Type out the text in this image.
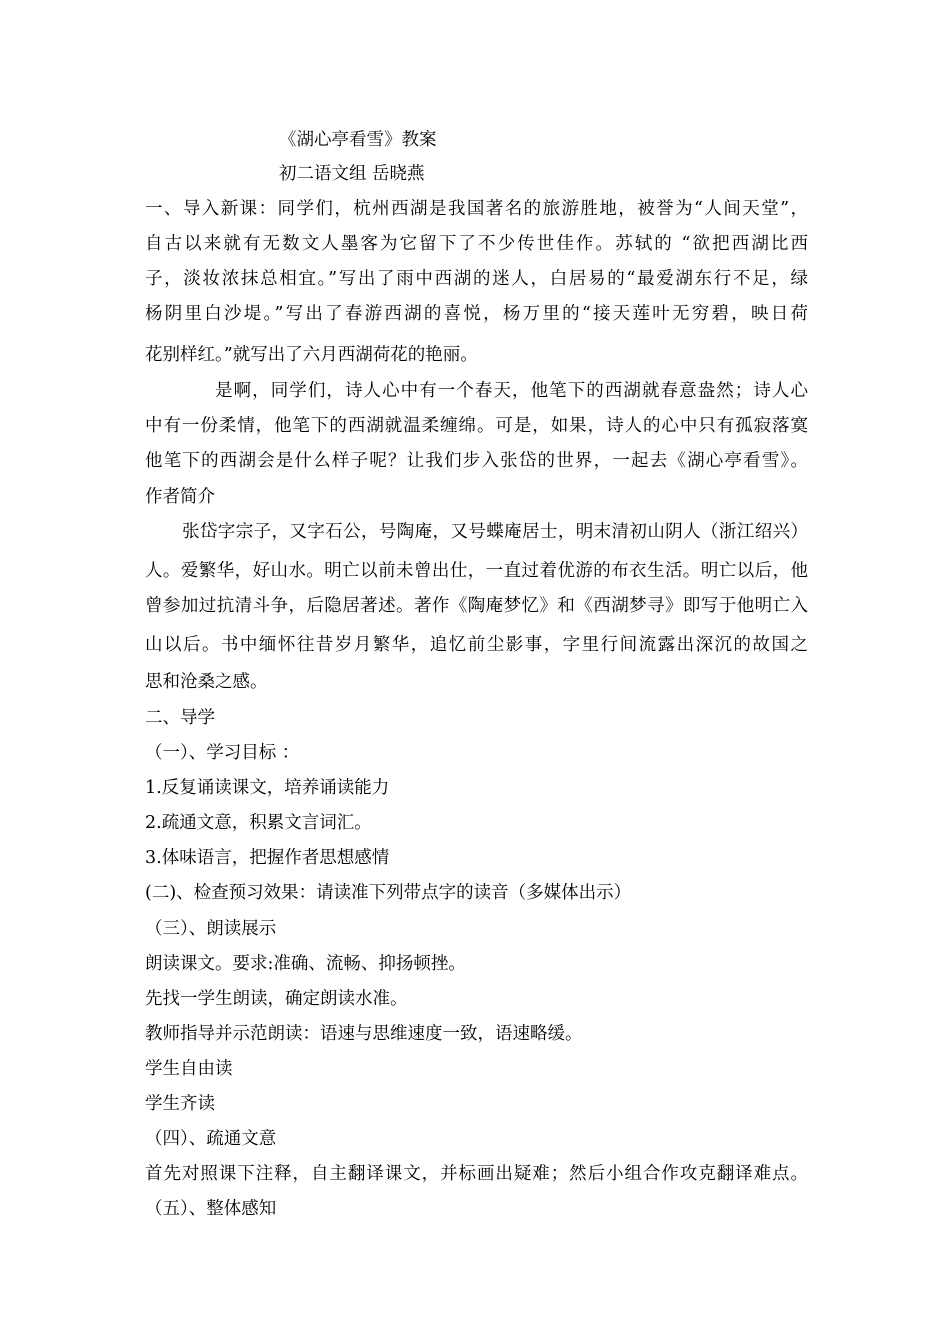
《湖心亭看雪》教案
初二语文组 岳晓燕
一、导入新课：同学们，杭州西湖是我国著名的旅游胜地，被誉为“人间天堂”，
自古以来就有无数文人墨客为它留下了不少传世佳作。苏轼的 “欲把西湖比西
子，淡妆浓抹总相宜。”写出了雨中西湖的迷人，白居易的“最爱湖东行不足，绿
杨阴里白沙堤。”写出了春游西湖的喜悦，杨万里的“接天莲叶无穷碧，映日荷
花别样红。”就写出了六月西湖荷花的艳丽。
是啊，同学们，诗人心中有一个春天，他笔下的西湖就春意盎然；诗人心
中有一份柔情，他笔下的西湖就温柔缠绵。可是，如果，诗人的心中只有孤寂落寞
他笔下的西湖会是什么样子呢？让我们步入张岱的世界，一起去《湖心亭看雪》。
作者简介
张岱字宗子，又字石公，号陶庵，又号蝶庵居士，明末清初山阴人（浙江绍兴）
人。爱繁华，好山水。明亡以前未曾出仕，一直过着优游的布衣生活。明亡以后，他
曾参加过抗清斗争，后隐居著述。著作《陶庵梦忆》和《西湖梦寻》即写于他明亡入
山以后。书中缅怀往昔岁月繁华，追忆前尘影事，字里行间流露出深沉的故国之
思和沧桑之感。
二、导学
（一）、学习目标 ：
1.反复诵读课文，培养诵读能力
2.疏通文意，积累文言词汇。
3.体味语言，把握作者思想感情
(二)、检查预习效果：请读准下列带点字的读音（多媒体出示）
（三）、朗读展示
朗读课文。要求:准确、流畅、抑扬顿挫。
先找一学生朗读，确定朗读水准。
教师指导并示范朗读：语速与思维速度一致，语速略缓。
学生自由读
学生齐读
（四）、疏通文意
首先对照课下注释，自主翻译课文，并标画出疑难；然后小组合作攻克翻译难点。
（五）、整体感知
